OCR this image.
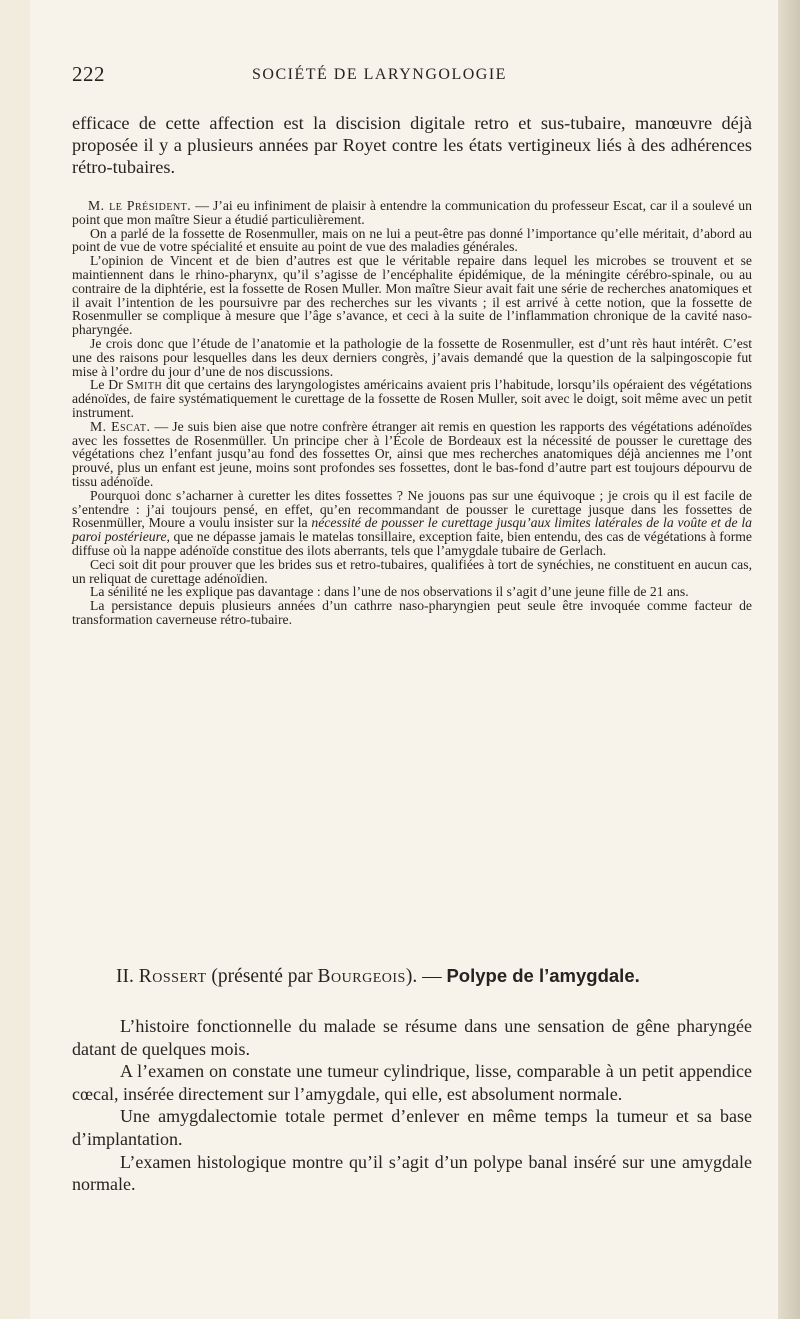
222	SOCIÉTÉ DE LARYNGOLOGIE
efficace de cette affection est la discision digitale retro et sus-tubaire, manœuvre déjà proposée il y a plusieurs années par Royet contre les états vertigineux liés à des adhérences rétro-tubaires.

M. le Président. — J’ai eu infiniment de plaisir à entendre la communication du professeur Escat, car il a soulevé un point que mon maître Sieur a étudié particulièrement.

On a parlé de la fossette de Rosenmuller, mais on ne lui a peut-être pas donné l’importance qu’elle méritait, d’abord au point de vue de votre spécialité et ensuite au point de vue des maladies générales.

L’opinion de Vincent et de bien d’autres est que le véritable repaire dans lequel les microbes se trouvent et se maintiennent dans le rhino-pharynx, qu’il s’agisse de l’encéphalite épidémique, de la méningite cérébro-spinale, ou au contraire de la diphtérie, est la fossette de Rosen Muller. Mon maître Sieur avait fait une série de recherches anatomiques et il avait l’intention de les poursuivre par des recherches sur les vivants ; il est arrivé à cette notion, que la fossette de Rosenmuller se complique à mesure que l’âge s’avance, et ceci à la suite de l’inflammation chronique de la cavité naso-pharyngée.

Je crois donc que l’étude de l’anatomie et la pathologie de la fossette de Rosenmuller, est d’unt rès haut intérêt. C’est une des raisons pour lesquelles dans les deux derniers congrès, j’avais demandé que la question de la salpingoscopie fut mise à l’ordre du jour d’une de nos discussions.

Le Dr Smith dit que certains des laryngologistes américains avaient pris l’habitude, lorsqu’ils opéraient des végétations adénoïdes, de faire systématiquement le curettage de la fossette de Rosen Muller, soit avec le doigt, soit même avec un petit instrument.

M. Escat. — Je suis bien aise que notre confrère étranger ait remis en question les rapports des végétations adénoïdes avec les fossettes de Rosenmüller. Un principe cher à l’École de Bordeaux est la nécessité de pousser le curettage des végétations chez l’enfant jusqu’au fond des fossettes Or, ainsi que mes recherches anatomiques déjà anciennes me l’ont prouvé, plus un enfant est jeune, moins sont profondes ses fossettes, dont le bas-fond d’autre part est toujours dépourvu de tissu adénoïde.

Pourquoi donc s’acharner à curetter les dites fossettes ? Ne jouons pas sur une équivoque ; je crois qu il est facile de s’entendre : j’ai toujours pensé, en effet, qu’en recommandant de pousser le curettage jusque dans les fossettes de Rosenmüller, Moure a voulu insister sur la nécessité de pousser le curettage jusqu’aux limites latérales de la voûte et de la paroi postérieure, que ne dépasse jamais le matelas tonsillaire, exception faite, bien entendu, des cas de végétations à forme diffuse où la nappe adénoïde constitue des ilots aberrants, tels que l’amygdale tubaire de Gerlach.

Ceci soit dit pour prouver que les brides sus et retro-tubaires, qualifiées à tort de synéchies, ne constituent en aucun cas, un reliquat de curettage adénoïdien.

La sénilité ne les explique pas davantage : dans l’une de nos observations il s’agit d’une jeune fille de 21 ans.

La persistance depuis plusieurs années d’un cathrre naso-pharyngien peut seule être invoquée comme facteur de transformation caverneuse rétro-tubaire.

II. Rossert (présenté par Bourgeois). — Polype de l’amygdale.

L’histoire fonctionnelle du malade se résume dans une sensation de gêne pharyngée datant de quelques mois.

A l’examen on constate une tumeur cylindrique, lisse, comparable à un petit appendice cœcal, insérée directement sur l’amygdale, qui elle, est absolument normale.

Une amygdalectomie totale permet d’enlever en même temps la tumeur et sa base d’implantation.

L’examen histologique montre qu’il s’agit d’un polype banal inséré sur une amygdale normale.
